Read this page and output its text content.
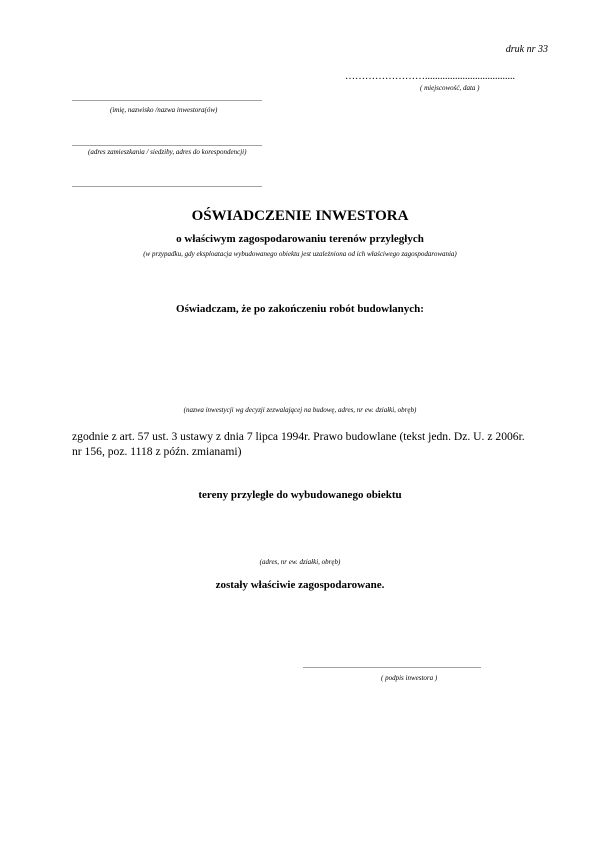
druk nr 33
……………………....................................
( miejscowość, data )
...............................................................................................
(imię, nazwisko /nazwa inwestora(ów)
...............................................................................................
(adres zamieszkania / siedziby, adres do korespondencji)
...............................................................................................
OŚWIADCZENIE INWESTORA
o właściwym zagospodarowaniu terenów przyległych
(w przypadku, gdy eksploatacja wybudowanego obiektu jest uzależniona od ich właściwego zagospodarowania)
Oświadczam, że po zakończeniu robót budowlanych:
(nazwa inwestycji wg decyzji zezwalającej na budowę, adres, nr ew. działki, obręb)
zgodnie z art. 57 ust. 3 ustawy z dnia 7 lipca 1994r. Prawo budowlane (tekst jedn. Dz. U. z 2006r.
nr 156, poz. 1118 z późn. zmianami)
tereny przyległe do wybudowanego obiektu
(adres, nr ew. działki, obręb)
zostały właściwie zagospodarowane.
.........................................................................................
( podpis inwestora )
